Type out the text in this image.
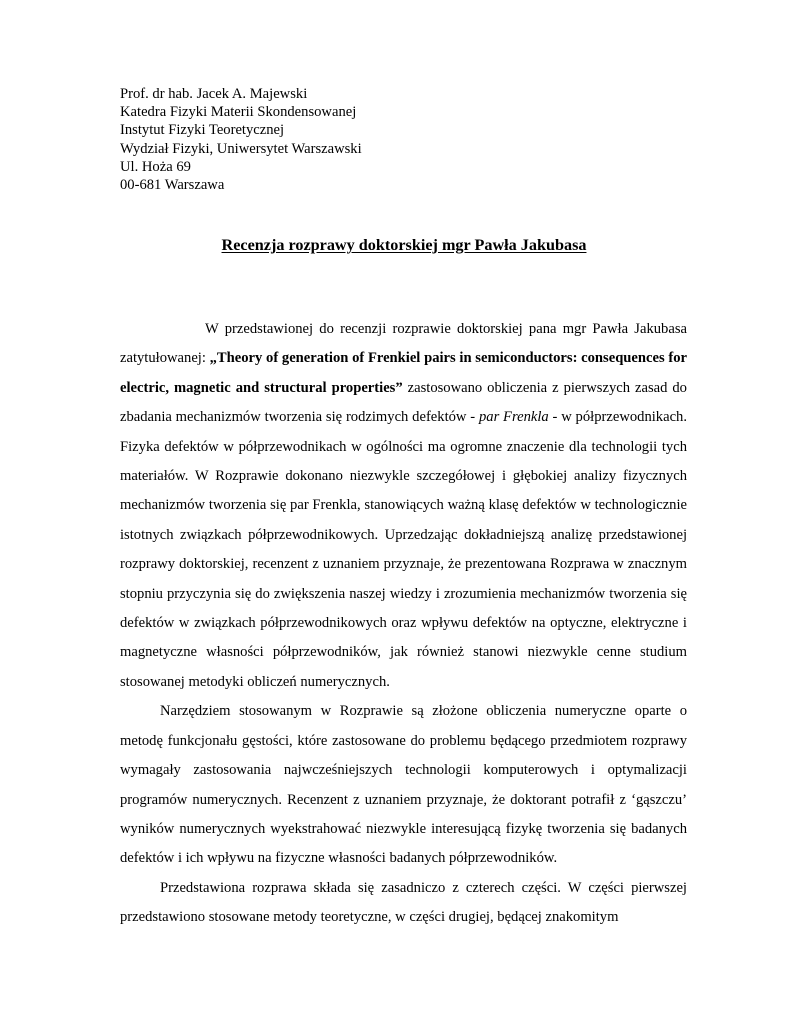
Prof. dr hab. Jacek A. Majewski
Katedra Fizyki Materii Skondensowanej
Instytut Fizyki Teoretycznej
Wydział Fizyki, Uniwersytet Warszawski
Ul. Hoża 69
00-681 Warszawa
Recenzja rozprawy doktorskiej mgr Pawła Jakubasa

W przedstawionej do recenzji rozprawie doktorskiej pana mgr Pawła Jakubasa zatytułowanej: „Theory of generation of Frenkiel pairs in semiconductors: consequences for electric, magnetic and structural properties” zastosowano obliczenia z pierwszych zasad do zbadania mechanizmów tworzenia się rodzimych defektów - par Frenkla - w półprzewodnikach. Fizyka defektów w półprzewodnikach w ogólności ma ogromne znaczenie dla technologii tych materiałów. W Rozprawie dokonano niezwykle szczegółowej i głębokiej analizy fizycznych mechanizmów tworzenia się par Frenkla, stanowiących ważną klasę defektów w technologicznie istotnych związkach półprzewodnikowych. Uprzedzając dokładniejszą analizę przedstawionej rozprawy doktorskiej, recenzent z uznaniem przyznaje, że prezentowana Rozprawa w znacznym stopniu przyczynia się do zwiększenia naszej wiedzy i zrozumienia mechanizmów tworzenia się defektów w związkach półprzewodnikowych oraz wpływu defektów na optyczne, elektryczne i magnetyczne własności półprzewodników, jak również stanowi niezwykle cenne studium stosowanej metodyki obliczeń numerycznych.

Narzędziem stosowanym w Rozprawie są złożone obliczenia numeryczne oparte o metodę funkcjonału gęstości, które zastosowane do problemu będącego przedmiotem rozprawy wymagały zastosowania najwcześniejszych technologii komputerowych i optymalizacji programów numerycznych. Recenzent z uznaniem przyznaje, że doktorant potrafił z ‘gąszczu’ wyników numerycznych wyekstrahować niezwykle interesującą fizykę tworzenia się badanych defektów i ich wpływu na fizyczne własności badanych półprzewodników.

Przedstawiona rozprawa składa się zasadniczo z czterech części. W części pierwszej przedstawiono stosowane metody teoretyczne, w części drugiej, będącej znakomitym
